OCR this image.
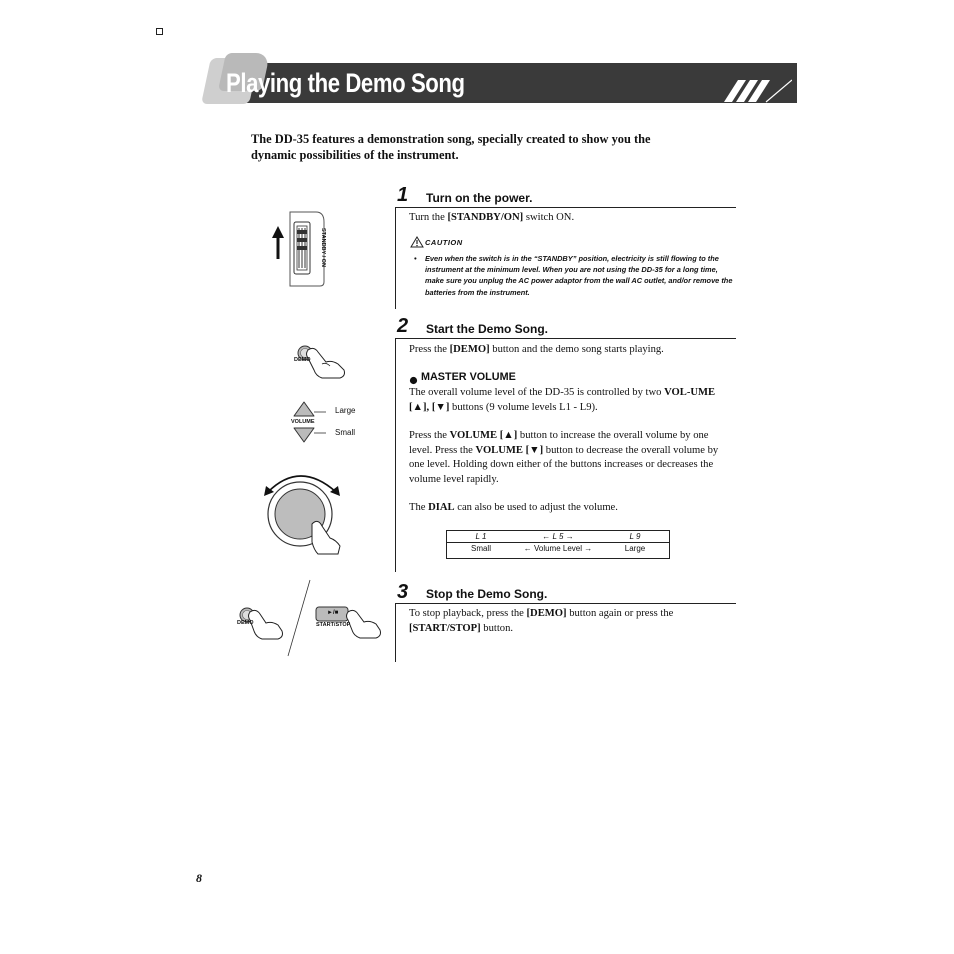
Playing the Demo Song
The DD-35 features a demonstration song, specially created to show you the dynamic possibilities of the instrument.
1 Turn on the power.
Turn the [STANDBY/ON] switch ON.
CAUTION
• Even when the switch is in the “STANDBY” position, electricity is still flowing to the instrument at the minimum level. When you are not using the DD-35 for a long time, make sure you unplug the AC power adaptor from the wall AC outlet, and/or remove the batteries from the instrument.
STANDBY / ON
2 Start the Demo Song.
Press the [DEMO] button and the demo song starts playing.
MASTER VOLUME
The overall volume level of the DD-35 is controlled by two VOL-UME [▲], [▼] buttons (9 volume levels L1 - L9).
Press the VOLUME [▲] button to increase the overall volume by one level. Press the VOLUME [▼] button to decrease the overall volume by one level. Holding down either of the buttons increases or decreases the volume level rapidly.
The DIAL can also be used to adjust the volume.
L 1	← L 5 →	L 9
Small	← Volume Level →	Large
DEMO
VOLUME
Large
Small
3 Stop the Demo Song.
To stop playback, press the [DEMO] button again or press the [START/STOP] button.
DEMO
►/■
START/STOP
8
